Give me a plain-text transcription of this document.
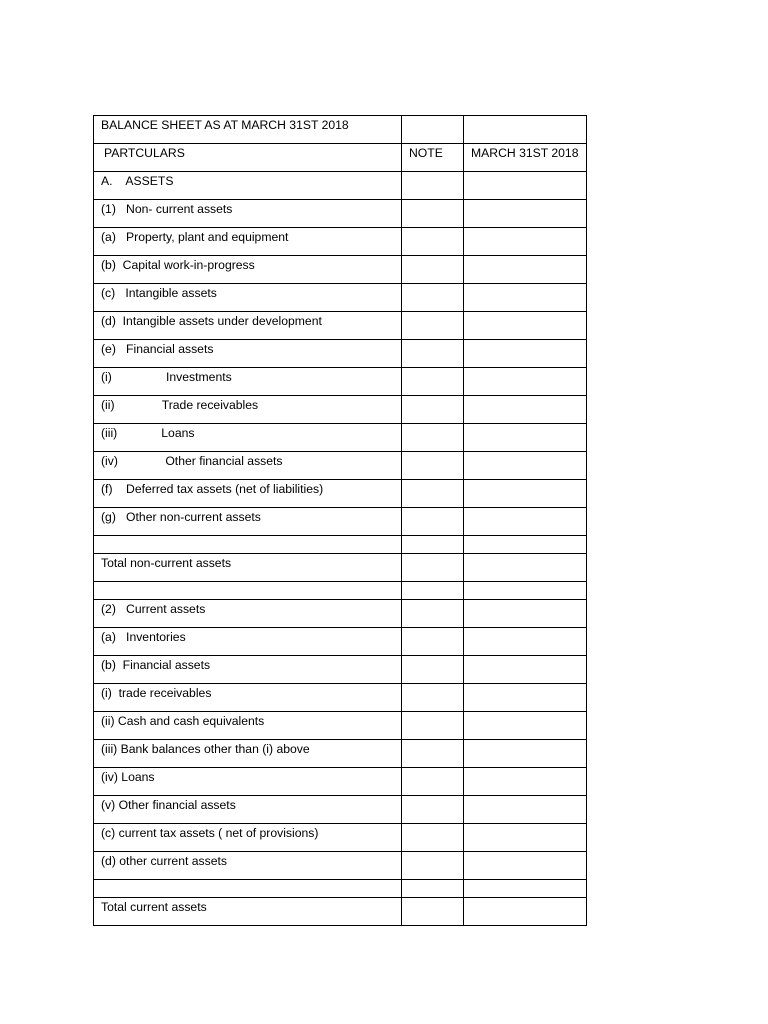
BALANCE SHEET AS AT MARCH 31ST 2018		

PARTCULARS	NOTE	MARCH 31ST 2018

A.    ASSETS		

(1)   Non- current assets		

(a)   Property, plant and equipment		

(b)  Capital work-in-progress		

(c)   Intangible assets		

(d)  Intangible assets under development		

(e)   Financial assets		

(i)                Investments		

(ii)              Trade receivables		

(iii)             Loans		

(iv)              Other financial assets		

(f)    Deferred tax assets (net of liabilities)		

(g)   Other non-current assets		

Total non-current assets		

(2)   Current assets		

(a)   Inventories		

(b)  Financial assets		

(i)  trade receivables		

(ii) Cash and cash equivalents		

(iii) Bank balances other than (i) above		

(iv) Loans		

(v) Other financial assets		

(c) current tax assets ( net of provisions)		

(d) other current assets		

Total current assets		
